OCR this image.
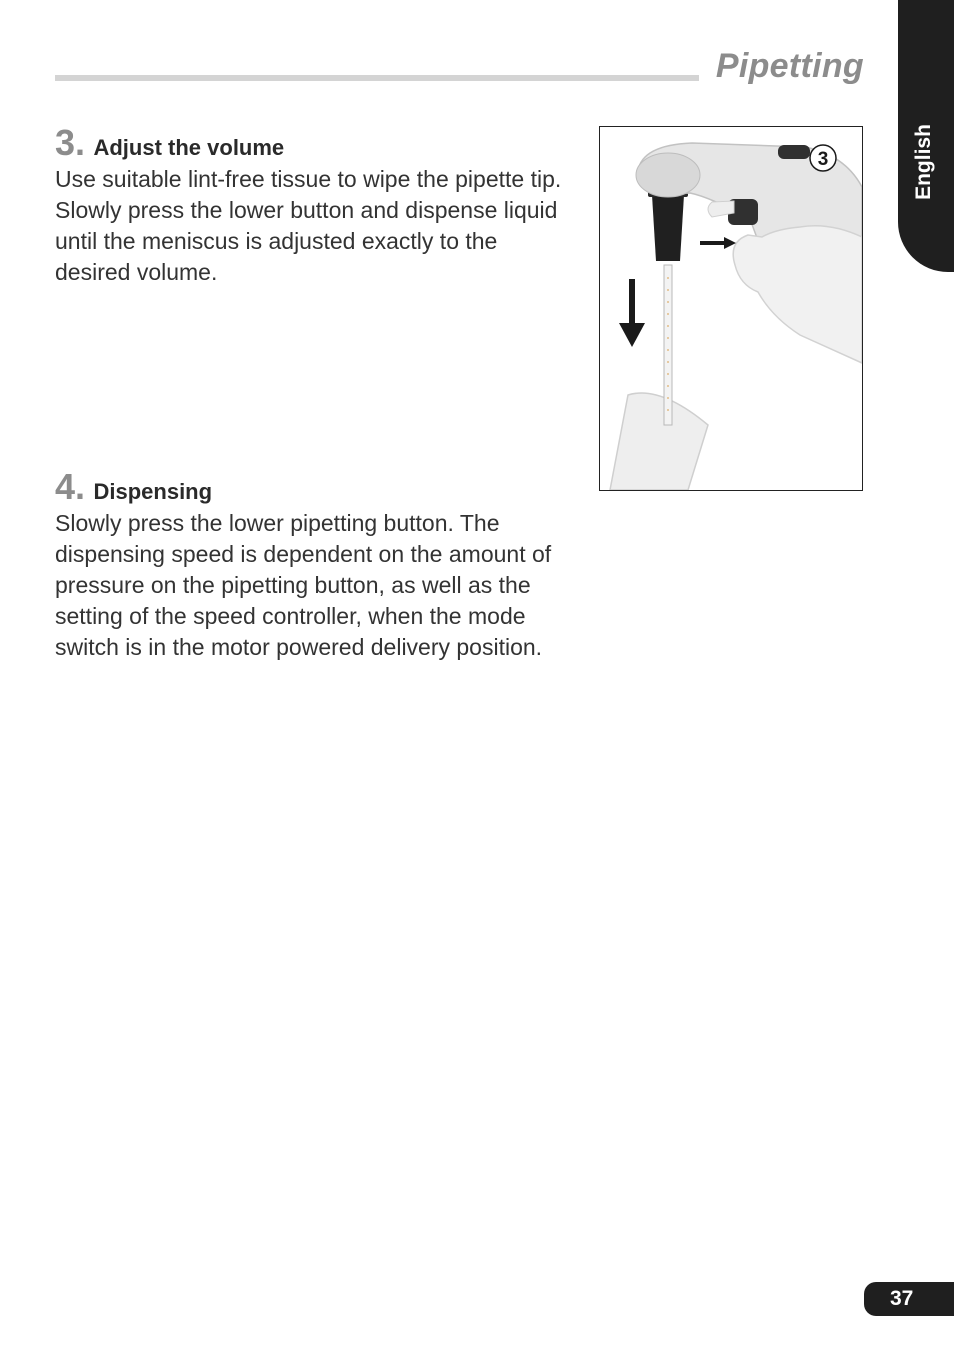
Pipetting
English
3. Adjust the volume

Use suitable lint-free tissue to wipe the pipette tip.

Slowly press the lower button and dispense liquid until the meniscus is adjusted exactly to the desired volume.

4. Dispensing

Slowly press the lower pipetting button. The dispensing speed is dependent on the amount of pressure on the pipetting button, as well as the setting of the speed controller, when the mode switch is in the motor powered delivery position.

3
37
